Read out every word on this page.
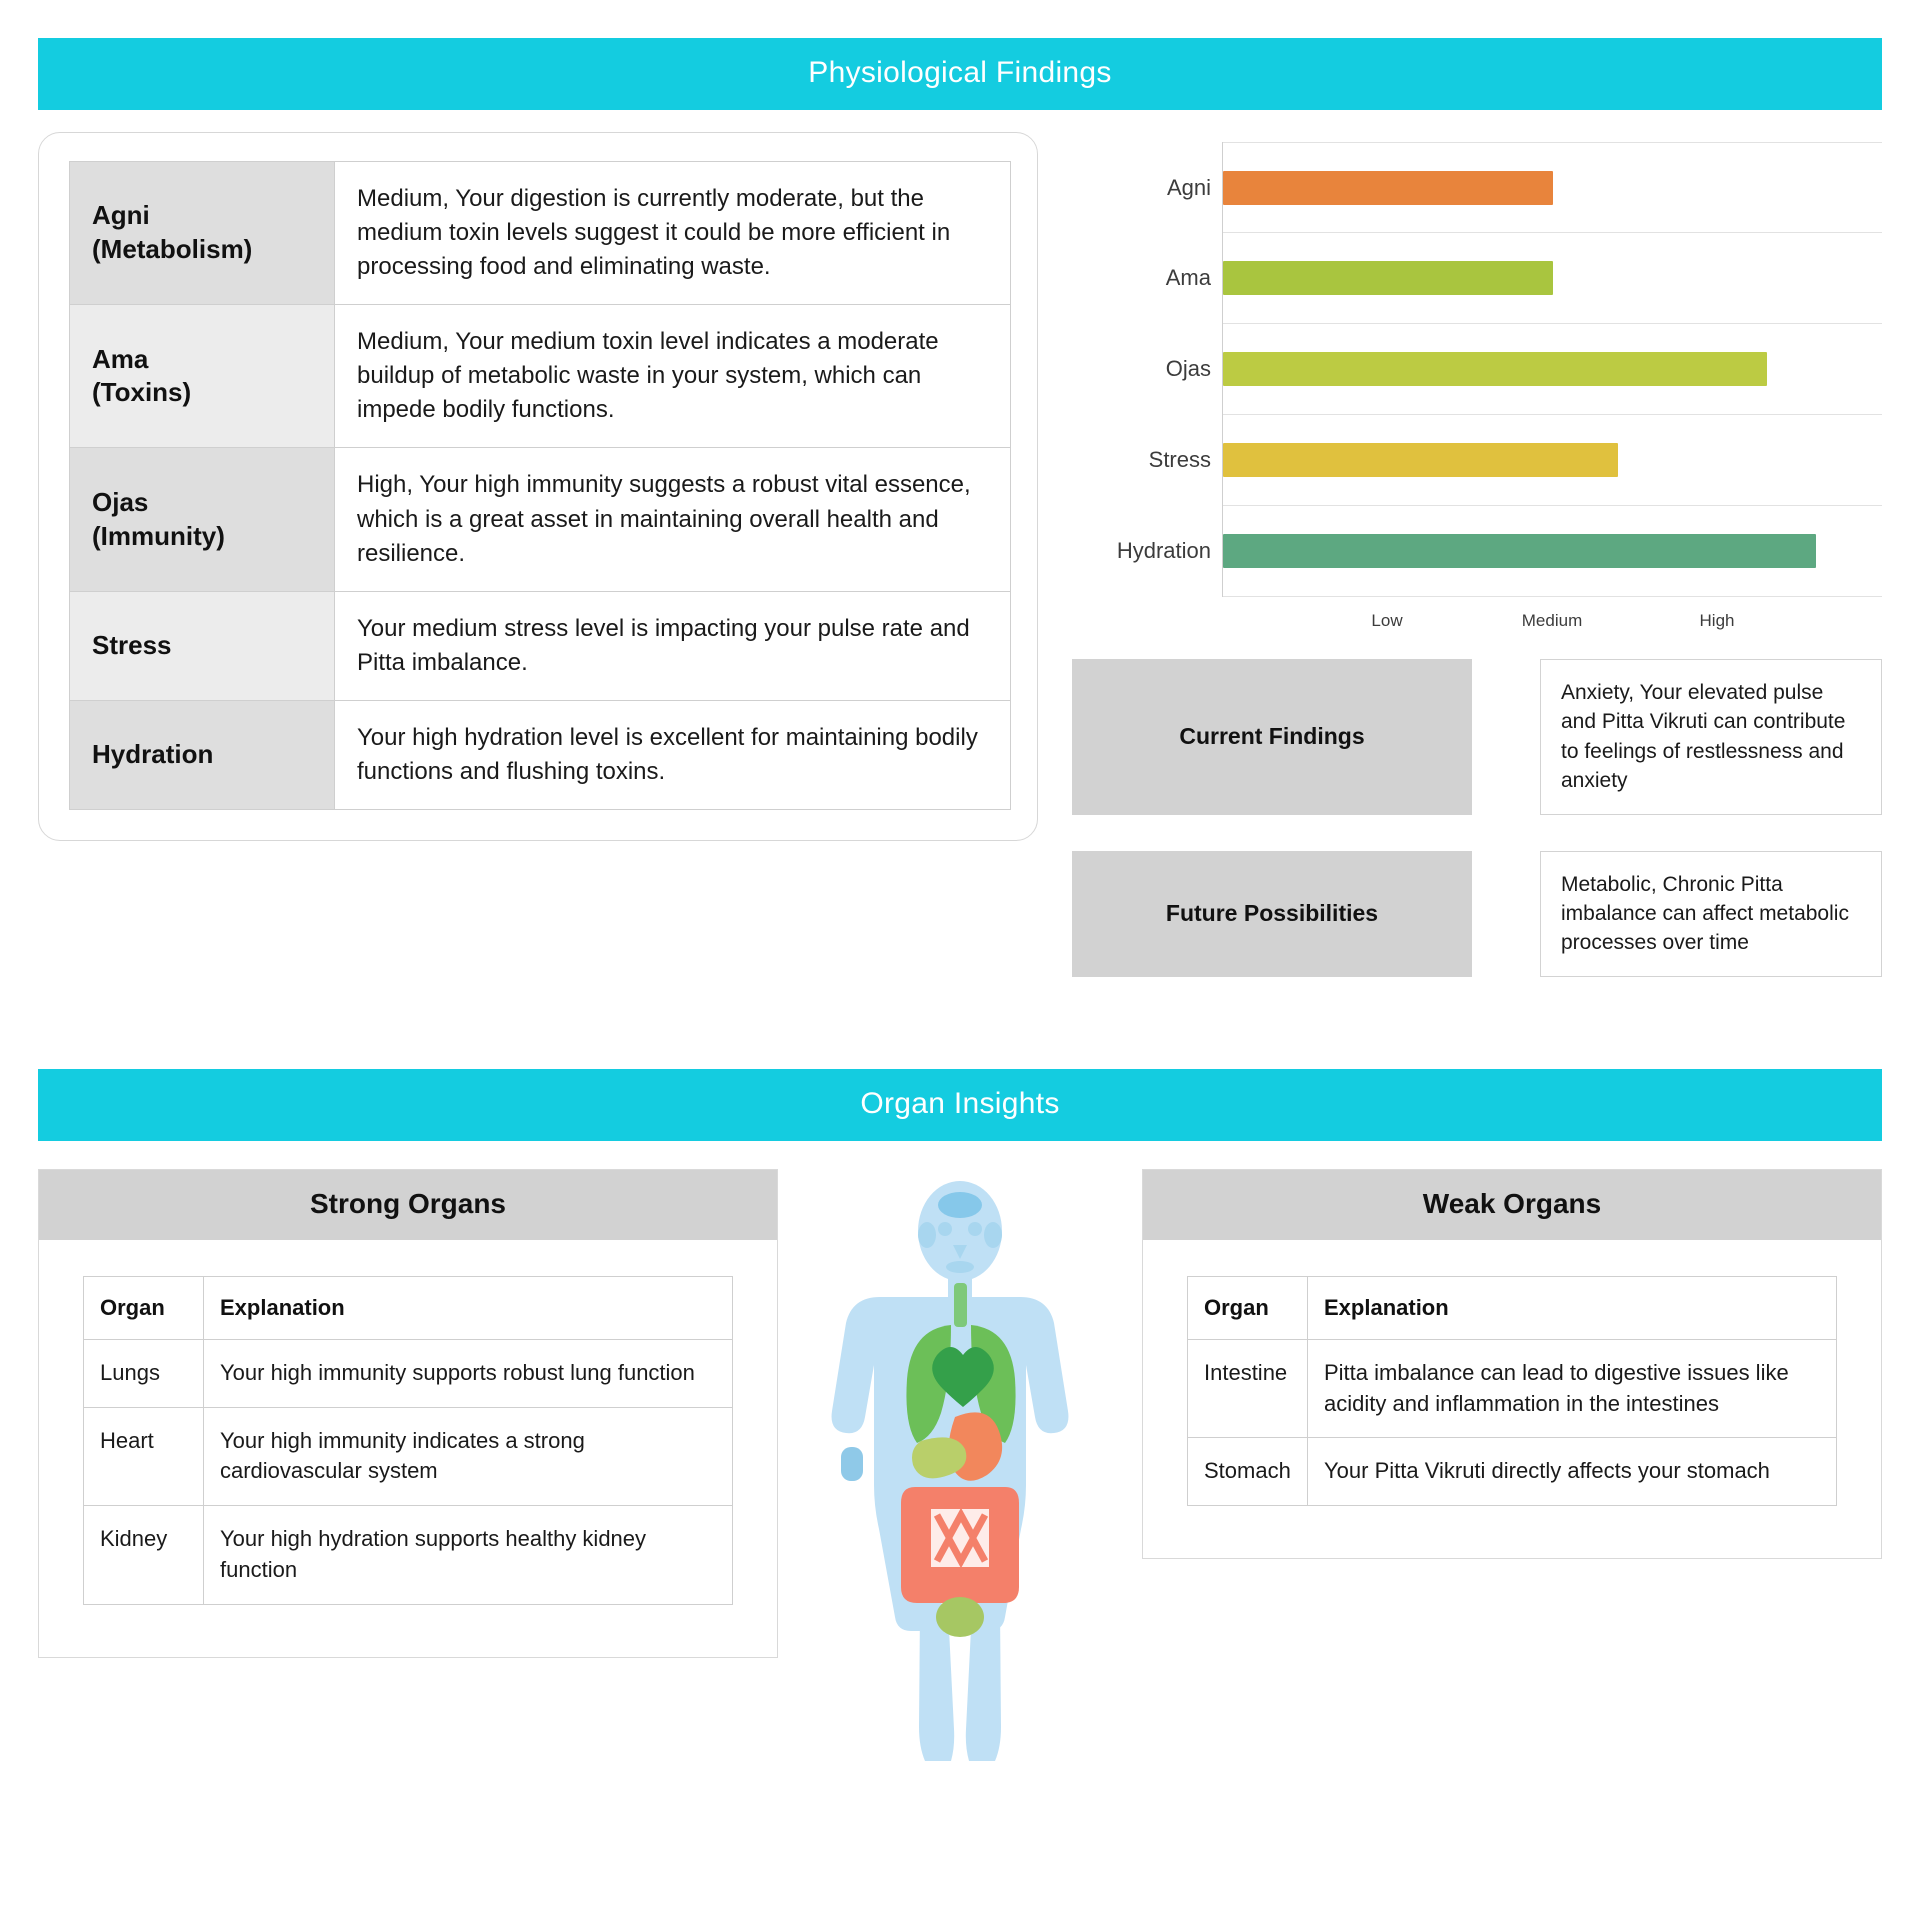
Physiological Findings
Agni
(Metabolism)	Medium, Your digestion is currently moderate, but the medium toxin levels suggest it could be more efficient in processing food and eliminating waste.
Ama
(Toxins)	Medium, Your medium toxin level indicates a moderate buildup of metabolic waste in your system, which can impede bodily functions.
Ojas
(Immunity)	High, Your high immunity suggests a robust vital essence, which is a great asset in maintaining overall health and resilience.
Stress	Your medium stress level is impacting your pulse rate and Pitta imbalance.
Hydration	Your high hydration level is excellent for maintaining bodily functions and flushing toxins.
Agni
Ama
Ojas
Stress
Hydration
Low	Medium	High
Current Findings
Anxiety, Your elevated pulse and Pitta Vikruti can contribute to feelings of restlessness and anxiety
Future Possibilities
Metabolic, Chronic Pitta imbalance can affect metabolic processes over time
Organ Insights
Strong Organs
Organ	Explanation
Lungs	Your high immunity supports robust lung function
Heart	Your high immunity indicates a strong cardiovascular system
Kidney	Your high hydration supports healthy kidney function
Weak Organs
Organ	Explanation
Intestine	Pitta imbalance can lead to digestive issues like acidity and inflammation in the intestines
Stomach	Your Pitta Vikruti directly affects your stomach
